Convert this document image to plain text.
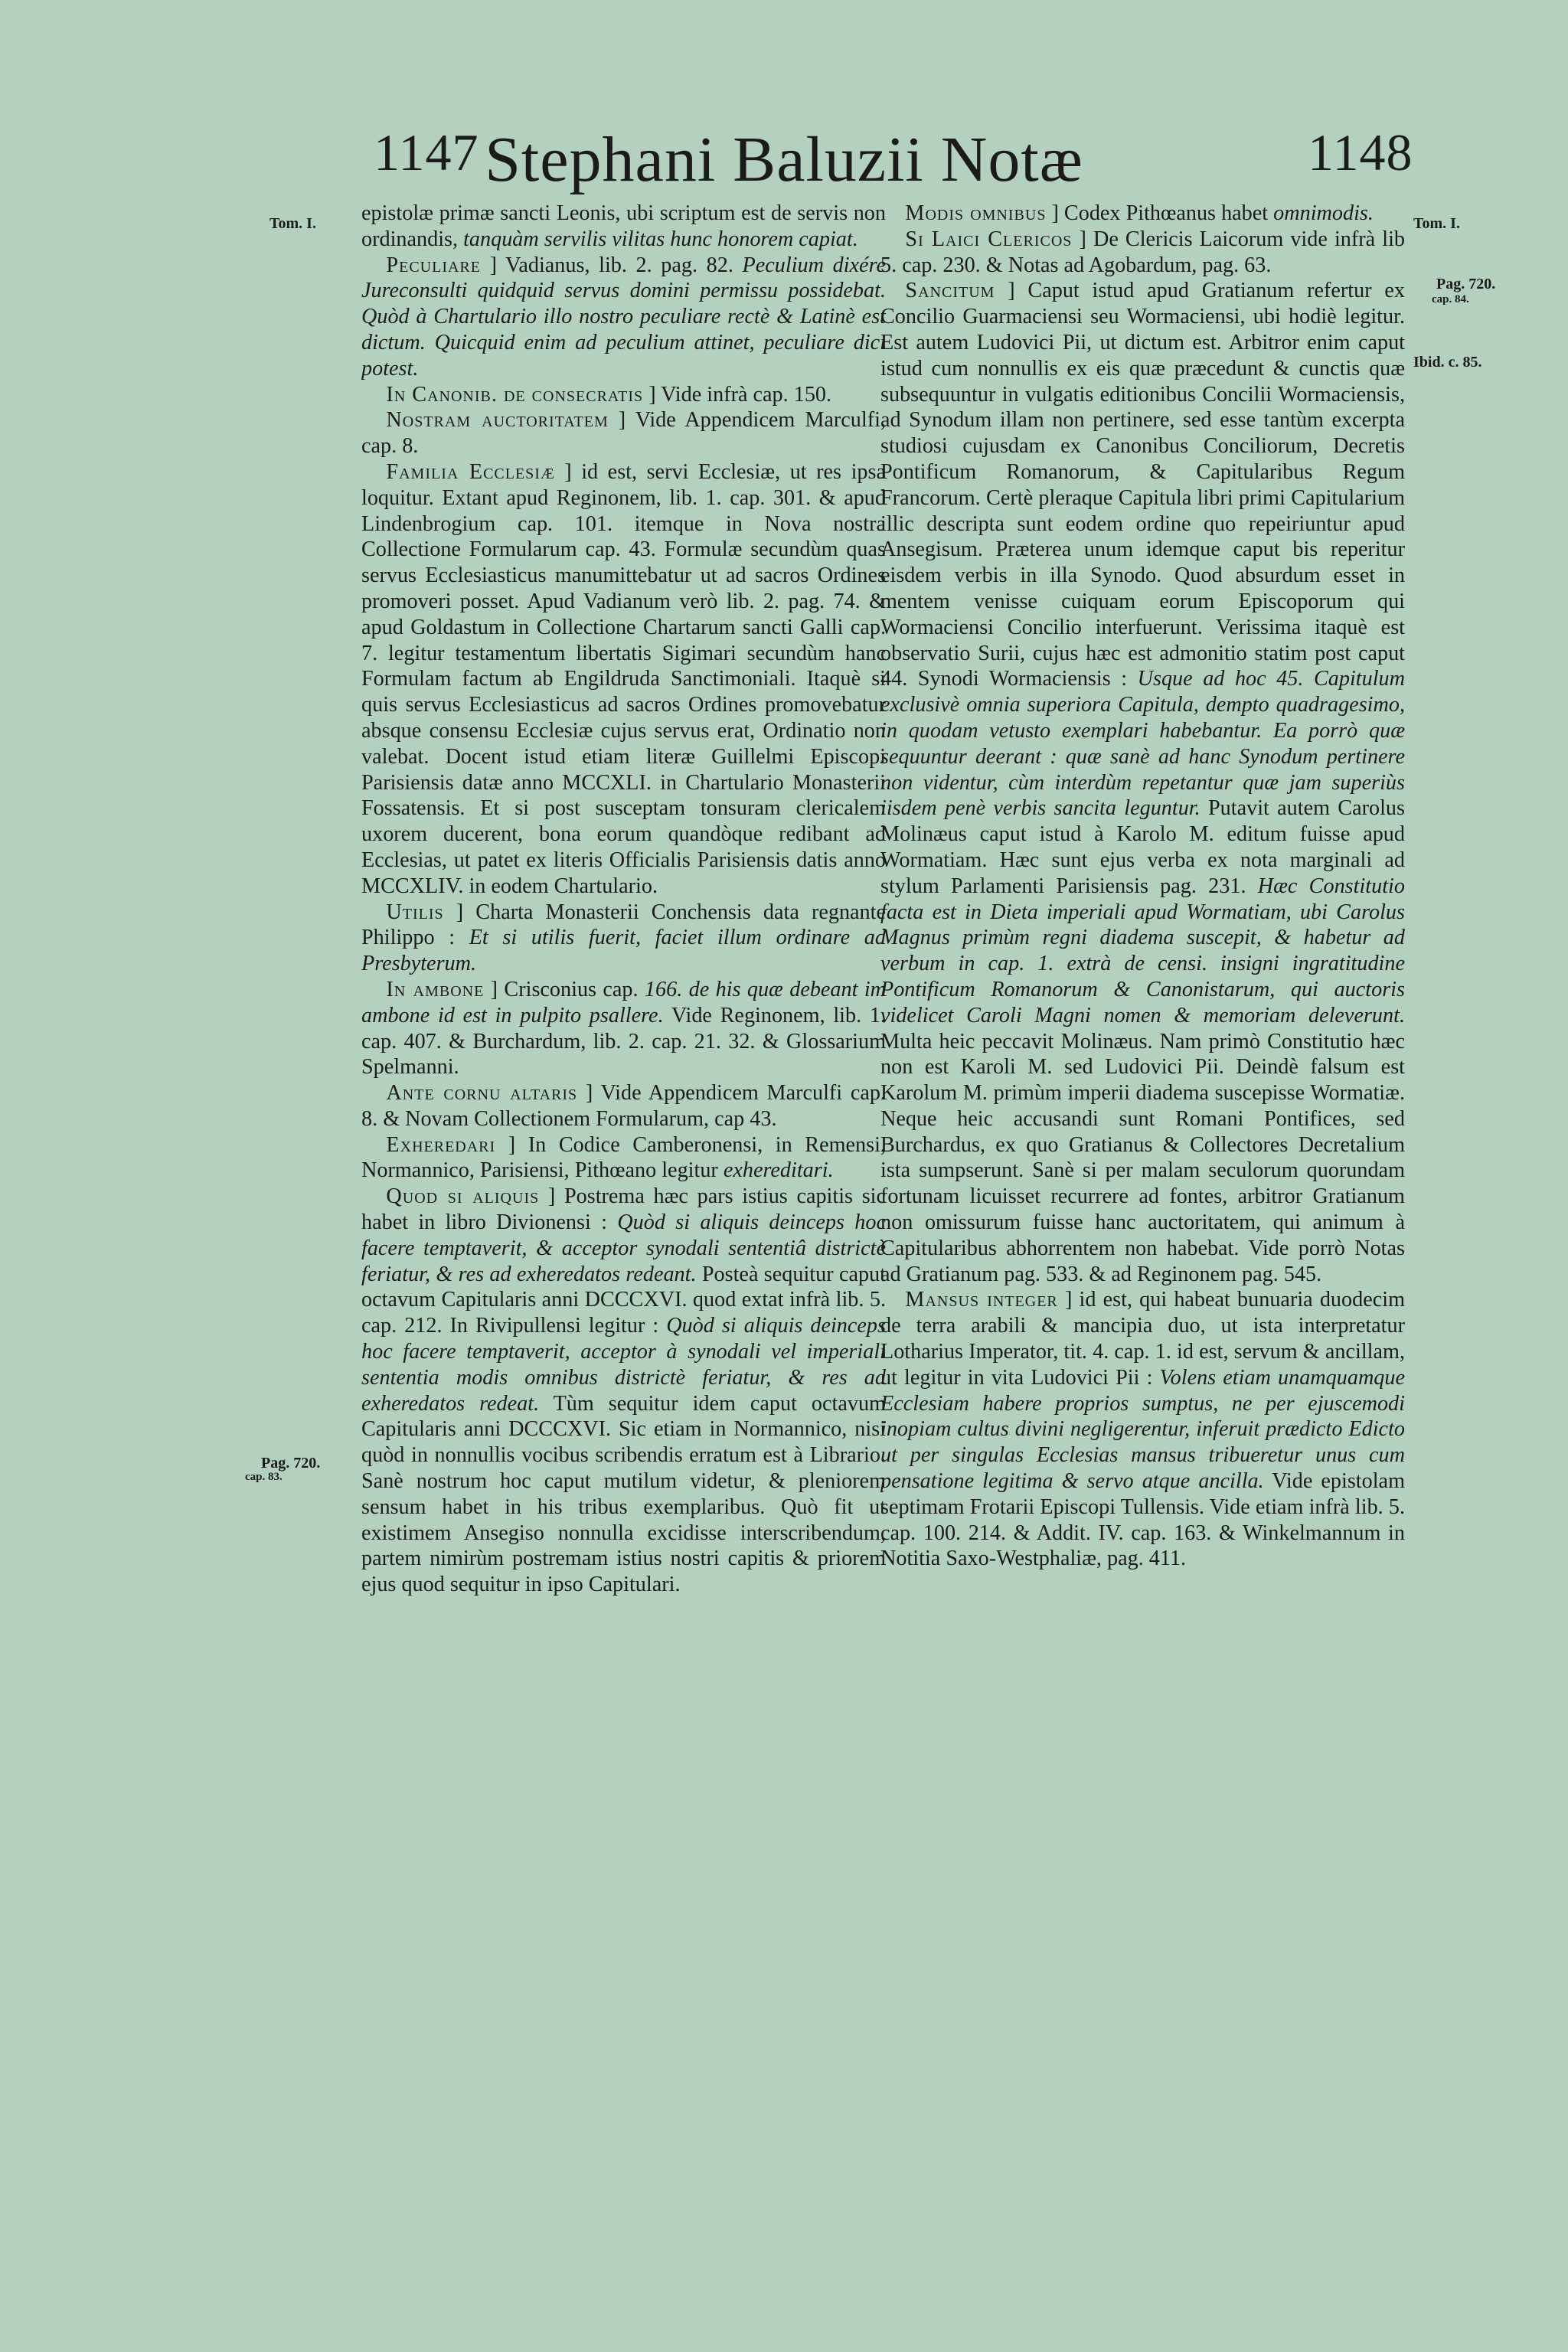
1147 Stephani Baluzii Notæ	1148
Tom. I.
Pag. 720.
cap. 83.
Tom. I.
Pag. 720.
cap. 84.
Ibid. c. 85.

epistolæ primæ sancti Leonis, ubi scriptum est de servis non ordinandis, tanquàm servilis vilitas hunc honorem capiat.

Peculiare ] Vadianus, lib. 2. pag. 82. Peculium dixére Jureconsulti quidquid servus domini permissu possidebat. Quòd à Chartulario illo nostro peculiare rectè & Latinè est dictum. Quicquid enim ad peculium attinet, peculiare dici potest.

In Canonib. de consecratis ] Vide infrà cap. 150.

Nostram auctoritatem ] Vide Appendicem Marculfi, cap. 8.

Familia Ecclesiæ ] id est, servi Ecclesiæ, ut res ipsa loquitur. Extant apud Reginonem, lib. 1. cap. 301. & apud Lindenbrogium cap. 101. itemque in Nova nostra Collectione Formularum cap. 43. Formulæ secundùm quas servus Ecclesiasticus manumittebatur ut ad sacros Ordines promoveri posset. Apud Vadianum verò lib. 2. pag. 74. & apud Goldastum in Collectione Chartarum sancti Galli cap. 7. legitur testamentum libertatis Sigimari secundùm hanc Formulam factum ab Engildruda Sanctimoniali. Itaquè si quis servus Ecclesiasticus ad sacros Ordines promovebatur absque consensu Ecclesiæ cujus servus erat, Ordinatio non valebat. Docent istud etiam literæ Guillelmi Episcopi Parisiensis datæ anno MCCXLI. in Chartulario Monasterii Fossatensis. Et si post susceptam tonsuram clericalem uxorem ducerent, bona eorum quandòque redibant ad Ecclesias, ut patet ex literis Officialis Parisiensis datis anno MCCXLIV. in eodem Chartulario.

Utilis ] Charta Monasterii Conchensis data regnante Philippo : Et si utilis fuerit, faciet illum ordinare ad Presbyterum.

In ambone ] Crisconius cap. 166. de his quæ debeant im ambone id est in pulpito psallere. Vide Reginonem, lib. 1. cap. 407. & Burchardum, lib. 2. cap. 21. 32. & Glossarium Spelmanni.

Ante cornu altaris ] Vide Appendicem Marculfi cap. 8. & Novam Collectionem Formularum, cap 43.

Exheredari ] In Codice Camberonensi, in Remensi, Normannico, Parisiensi, Pithœano legitur exhereditari.

Quod si aliquis ] Postrema hæc pars istius capitis sic habet in libro Divionensi : Quòd si aliquis deinceps hoc facere temptaverit, & acceptor synodali sententiâ districtè feriatur, & res ad exheredatos redeant. Posteà sequitur caput octavum Capitularis anni DCCCXVI. quod extat infrà lib. 5. cap. 212. In Rivipullensi legitur : Quòd si aliquis deinceps hoc facere temptaverit, acceptor à synodali vel imperiali sententia modis omnibus districtè feriatur, & res ad exheredatos redeat. Tùm sequitur idem caput octavum Capitularis anni DCCCXVI. Sic etiam in Normannico, nisi quòd in nonnullis vocibus scribendis erratum est à Librario. Sanè nostrum hoc caput mutilum videtur, & pleniorem sensum habet in his tribus exemplaribus. Quò fit ut existimem Ansegiso nonnulla excidisse interscribendum, partem nimirùm postremam istius nostri capitis & priorem ejus quod sequitur in ipso Capitulari.

Modis omnibus ] Codex Pithœanus habet omnimodis.

Si Laici Clericos ] De Clericis Laicorum vide infrà lib 5. cap. 230. & Notas ad Agobardum, pag. 63.

Sancitum ] Caput istud apud Gratianum refertur ex Concilio Guarmaciensi seu Wormaciensi, ubi hodiè legitur. Est autem Ludovici Pii, ut dictum est. Arbitror enim caput istud cum nonnullis ex eis quæ præcedunt & cunctis quæ subsequuntur in vulgatis editionibus Concilii Wormaciensis, ad Synodum illam non pertinere, sed esse tantùm excerpta studiosi cujusdam ex Canonibus Conciliorum, Decretis Pontificum Romanorum, & Capitularibus Regum Francorum. Certè pleraque Capitula libri primi Capitularium illic descripta sunt eodem ordine quo repeiriuntur apud Ansegisum. Præterea unum idemque caput bis reperitur eisdem verbis in illa Synodo. Quod absurdum esset in mentem venisse cuiquam eorum Episcoporum qui Wormaciensi Concilio interfuerunt. Verissima itaquè est observatio Surii, cujus hæc est admonitio statim post caput 44. Synodi Wormaciensis : Usque ad hoc 45. Capitulum exclusivè omnia superiora Capitula, dempto quadragesimo, in quodam vetusto exemplari habebantur. Ea porrò quæ sequuntur deerant : quæ sanè ad hanc Synodum pertinere non videntur, cùm interdùm repetantur quæ jam superiùs iisdem penè verbis sancita leguntur. Putavit autem Carolus Molinæus caput istud à Karolo M. editum fuisse apud Wormatiam. Hæc sunt ejus verba ex nota marginali ad stylum Parlamenti Parisiensis pag. 231. Hæc Constitutio facta est in Dieta imperiali apud Wormatiam, ubi Carolus Magnus primùm regni diadema suscepit, & habetur ad verbum in cap. 1. extrà de censi. insigni ingratitudine Pontificum Romanorum & Canonistarum, qui auctoris videlicet Caroli Magni nomen & memoriam deleverunt. Multa heic peccavit Molinæus. Nam primò Constitutio hæc non est Karoli M. sed Ludovici Pii. Deindè falsum est Karolum M. primùm imperii diadema suscepisse Wormatiæ. Neque heic accusandi sunt Romani Pontifices, sed Burchardus, ex quo Gratianus & Collectores Decretalium ista sumpserunt. Sanè si per malam seculorum quorundam fortunam licuisset recurrere ad fontes, arbitror Gratianum non omissurum fuisse hanc auctoritatem, qui animum à Capitularibus abhorrentem non habebat. Vide porrò Notas ad Gratianum pag. 533. & ad Reginonem pag. 545.

Mansus integer ] id est, qui habeat bunuaria duodecim de terra arabili & mancipia duo, ut ista interpretatur Lotharius Imperator, tit. 4. cap. 1. id est, servum & ancillam, ut legitur in vita Ludovici Pii : Volens etiam unamquamque Ecclesiam habere proprios sumptus, ne per ejuscemodi inopiam cultus divini negligerentur, inferuit prædicto Edicto ut per singulas Ecclesias mansus tribueretur unus cum pensatione legitima & servo atque ancilla. Vide epistolam septimam Frotarii Episcopi Tullensis. Vide etiam infrà lib. 5. cap. 100. 214. & Addit. IV. cap. 163. & Winkelmannum in Notitia Saxo-Westphaliæ, pag. 411.
